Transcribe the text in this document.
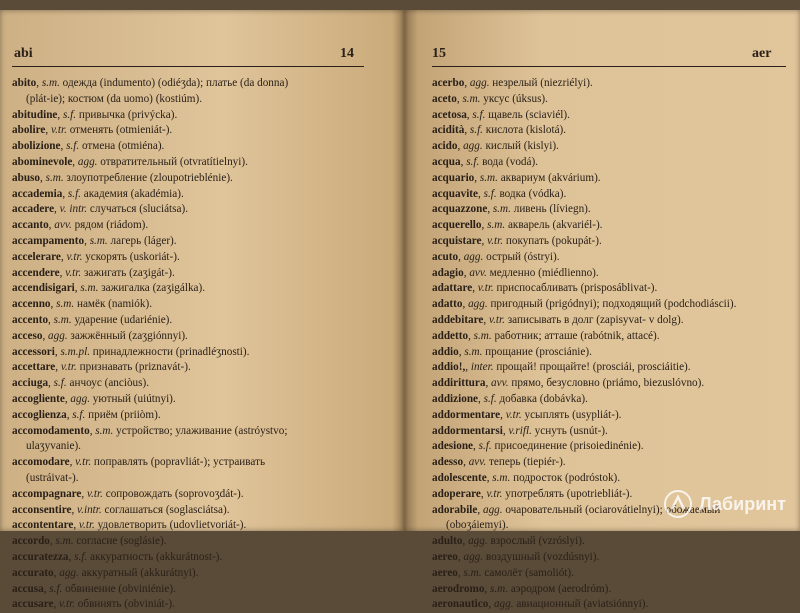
abi	14
abito, s.m. одежда (indumento) (odiéʒda); платье (da donna)
(plát-ie); костюм (da uomo) (kostiúm).
abitudine, s.f. привычка (privýcka).
abolire, v.tr. отменять (otmieniát-).
abolizione, s.f. отмена (otmiéna).
abominevole, agg. отвратительный (otvratítielnyi).
abuso, s.m. злоупотребление (zloupotrieblénie).
accademia, s.f. академия (akadémia).
accadere, v. intr. случаться (sluciátsa).
accanto, avv. рядом (riádom).
accampamento, s.m. лагерь (láger).
accelerare, v.tr. ускорять (uskoriát-).
accendere, v.tr. зажигать (zaʒigát-).
accendisigari, s.m. зажигалка (zaʒigálka).
accenno, s.m. намёк (namiók).
accento, s.m. ударение (udariénie).
acceso, agg. зажжённый (zaʒgiónnyi).
accessori, s.m.pl. принадлежности (prinadléʒnosti).
accettare, v.tr. признавать (priznavát-).
acciuga, s.f. анчоус (anciòus).
accogliente, agg. уютный (uiútnyi).
accoglienza, s.f. приём (priiòm).
accomodamento, s.m. устройство; улаживание (astróystvo;
ulaʒyvanie).
accomodare, v.tr. поправлять (popravliát-); устраивать
(ustráivat-).
accompagnare, v.tr. сопровождать (soprovoʒdát-).
acconsentire, v.intr. соглашаться (soglasciátsa).
accontentare, v.tr. удовлетворить (udovlietvoriát-).
accordo, s.m. согласие (soglásie).
accuratezza, s.f. аккуратность (akkurátnost-).
accurato, agg. аккуратный (akkurátnyi).
accusa, s.f. обвинение (obviniénie).
accusare, v.tr. обвинять (obviniát-).
15	aer
acerbo, agg. незрелый (niezriélyi).
aceto, s.m. уксус (úksus).
acetosa, s.f. щавель (sciaviél).
acidità, s.f. кислота (kislotá).
acido, agg. кислый (kislyi).
acqua, s.f. вода (vodá).
acquario, s.m. аквариум (akvárium).
acquavite, s.f. водка (vódka).
acquazzone, s.m. ливень (líviegn).
acquerello, s.m. акварель (akvariél-).
acquistare, v.tr. покупать (pokupát-).
acuto, agg. острый (óstryi).
adagio, avv. медленно (miédlienno).
adattare, v.tr. приспосабливать (prisposáblivat-).
adatto, agg. пригодный (prigódnyi); подходящий (podchodiáscii).
addebitare, v.tr. записывать в долг (zapisyvat- v dolg).
addetto, s.m. работник; атташе (rabótnik, attaсé).
addio, s.m. прощание (prosciánie).
addio!,, inter. прощай! прощайте! (prosciái, prosciáitie).
addirittura, avv. прямо, безусловно (priámo, biezuslóvno).
addizione, s.f. добавка (dobávka).
addormentare, v.tr. усыплять (usypliát-).
addormentarsi, v.rifl. уснуть (usnút-).
adesione, s.f. присоединение (prisoiedinénie).
adesso, avv. теперь (tiepiér-).
adolescente, s.m. подросток (podróstok).
adoperare, v.tr. употреблять (upotriebliát-).
adorabile, agg. очаровательный (ociarovátielnyi); обожаемый
(oboʒáiemyi).
adulto, agg. взрослый (vzróslyi).
aereo, agg. воздушный (vozdúsnyi).
aereo, s.m. самолёт (samoliót).
aerodromo, s.m. аэродром (aerodróm).
aeronautico, agg. авиационный (aviatsiónnyi).
Лабиринт
